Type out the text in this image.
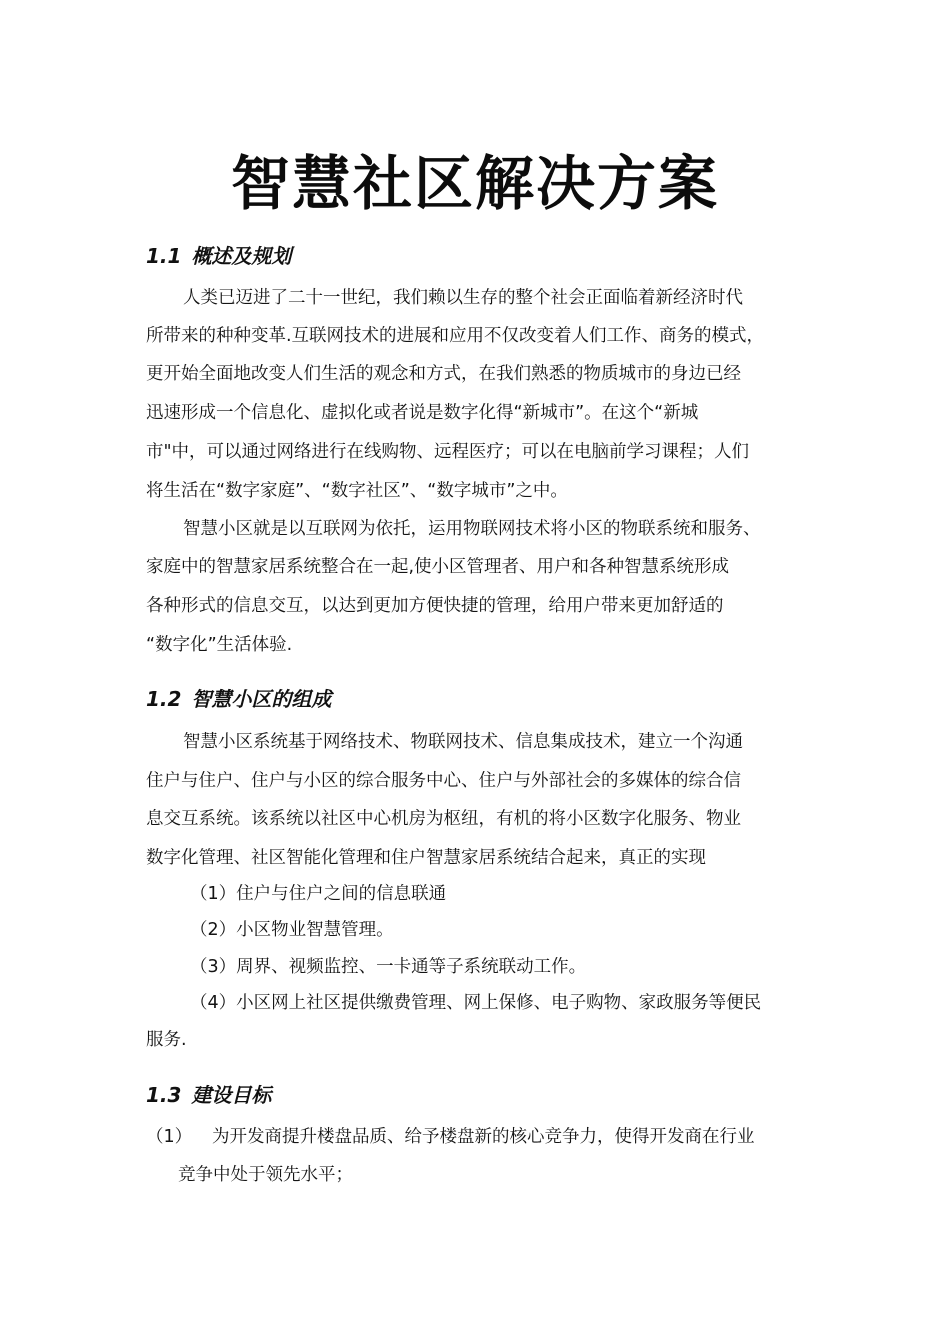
智慧社区解决方案
1.1 概述及规划
人类已迈进了二十一世纪，我们赖以生存的整个社会正面临着新经济时代
所带来的种种变革.互联网技术的进展和应用不仅改变着人们工作、商务的模式，
更开始全面地改变人们生活的观念和方式，在我们熟悉的物质城市的身边已经
迅速形成一个信息化、虚拟化或者说是数字化得“新城市”。在这个“新城
市"中，可以通过网络进行在线购物、远程医疗；可以在电脑前学习课程；人们
将生活在“数字家庭”、“数字社区”、“数字城市”之中。
智慧小区就是以互联网为依托，运用物联网技术将小区的物联系统和服务、
家庭中的智慧家居系统整合在一起,使小区管理者、用户和各种智慧系统形成
各种形式的信息交互，以达到更加方便快捷的管理，给用户带来更加舒适的
“数字化”生活体验.
1.2 智慧小区的组成
智慧小区系统基于网络技术、物联网技术、信息集成技术，建立一个沟通
住户与住户、住户与小区的综合服务中心、住户与外部社会的多媒体的综合信
息交互系统。该系统以社区中心机房为枢纽，有机的将小区数字化服务、物业
数字化管理、社区智能化管理和住户智慧家居系统结合起来，真正的实现
（1）住户与住户之间的信息联通
（2）小区物业智慧管理。
（3）周界、视频监控、一卡通等子系统联动工作。
（4）小区网上社区提供缴费管理、网上保修、电子购物、家政服务等便民
服务.
1.3 建设目标
（1） 为开发商提升楼盘品质、给予楼盘新的核心竞争力，使得开发商在行业
竞争中处于领先水平；
